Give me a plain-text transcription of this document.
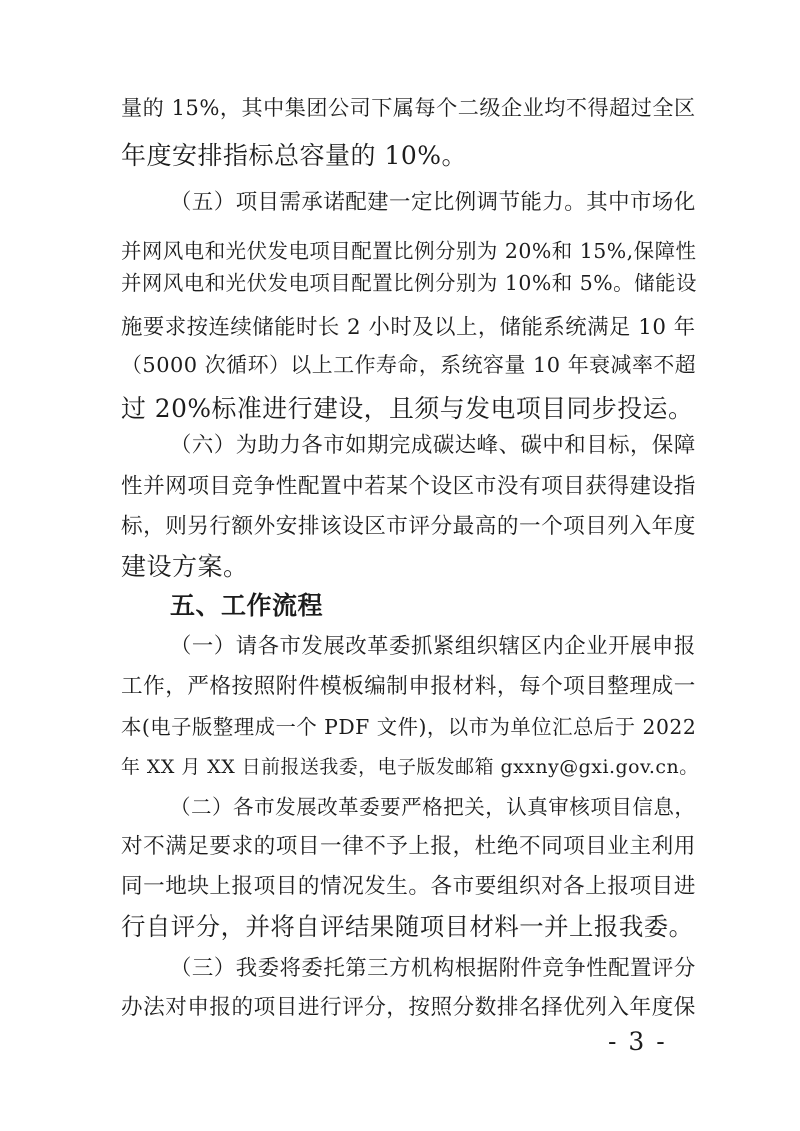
量的 15%，其中集团公司下属每个二级企业均不得超过全区
年度安排指标总容量的 10%。
（五）项目需承诺配建一定比例调节能力。其中市场化
并网风电和光伏发电项目配置比例分别为 20%和 15%,保障性
并网风电和光伏发电项目配置比例分别为 10%和 5%。储能设
施要求按连续储能时长 2 小时及以上，储能系统满足 10 年
（5000 次循环）以上工作寿命，系统容量 10 年衰减率不超
过 20%标准进行建设，且须与发电项目同步投运。
（六）为助力各市如期完成碳达峰、碳中和目标，保障
性并网项目竞争性配置中若某个设区市没有项目获得建设指
标，则另行额外安排该设区市评分最高的一个项目列入年度
建设方案。
五、工作流程
（一）请各市发展改革委抓紧组织辖区内企业开展申报
工作，严格按照附件模板编制申报材料，每个项目整理成一
本(电子版整理成一个 PDF 文件)，以市为单位汇总后于 2022
年 XX 月 XX 日前报送我委，电子版发邮箱 gxxny@gxi.gov.cn。
（二）各市发展改革委要严格把关，认真审核项目信息，
对不满足要求的项目一律不予上报，杜绝不同项目业主利用
同一地块上报项目的情况发生。各市要组织对各上报项目进
行自评分，并将自评结果随项目材料一并上报我委。
（三）我委将委托第三方机构根据附件竞争性配置评分
办法对申报的项目进行评分，按照分数排名择优列入年度保
- 3 -
